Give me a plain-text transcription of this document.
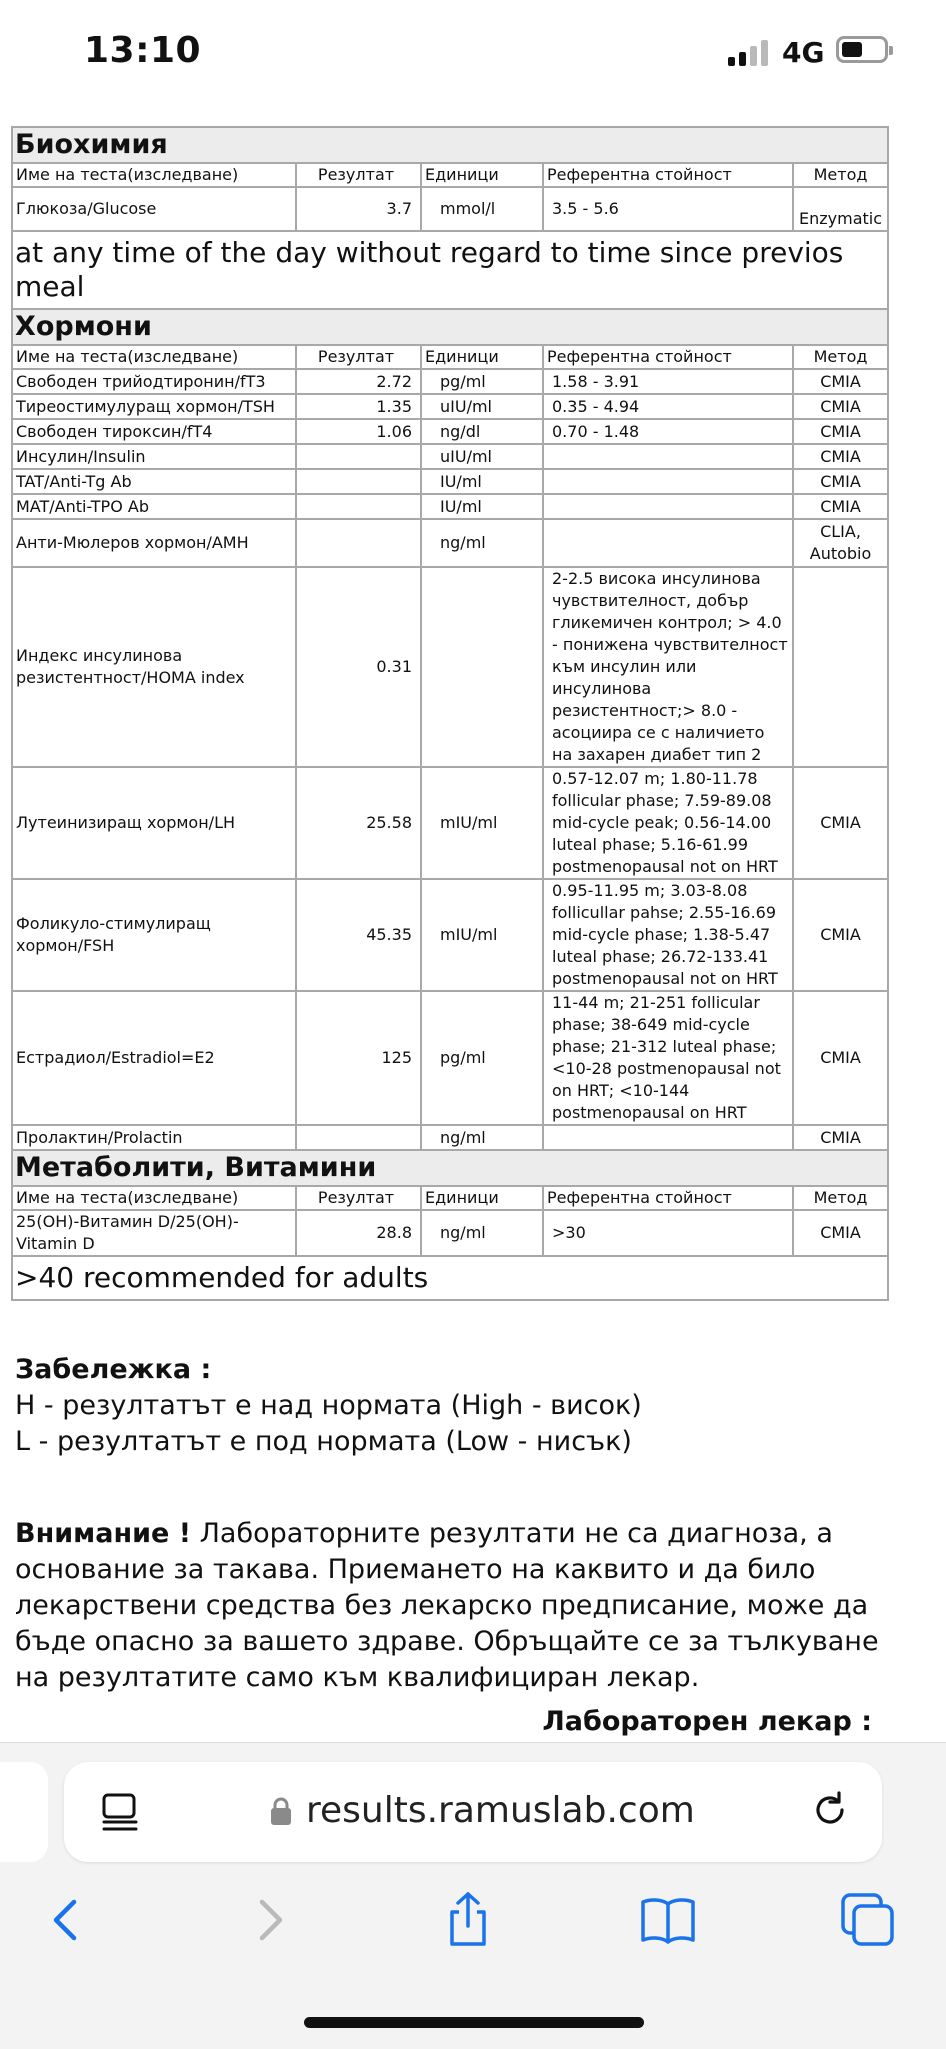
13:10	4G
Биохимия				
Име на теста(изследване)	Резултат	Единици	Референтна стойност	Метод
Глюкоза/Glucose	3.7	mmol/l	3.5 - 5.6	Enzymatic
at any time of the day without regard to time since previos meal				
Хормони				
Име на теста(изследване)	Резултат	Единици	Референтна стойност	Метод
Свободен трийодтиронин/fT3	2.72	pg/ml	1.58 - 3.91	CMIA
Тиреостимулуращ хормон/TSH	1.35	uIU/ml	0.35 - 4.94	CMIA
Свободен тироксин/fT4	1.06	ng/dl	0.70 - 1.48	CMIA
Инсулин/Insulin		uIU/ml		CMIA
TAT/Anti-Tg Ab		IU/ml		CMIA
MAT/Anti-TPO Ab		IU/ml		CMIA
Анти-Мюлеров хормон/AMH		ng/ml		CLIA, Autobio
Индекс инсулинова резистентност/HOMA index	0.31		2-2.5 висока инсулинова чувствителност, добър гликемичен контрол; > 4.0 - понижена чувствителност към инсулин или инсулинова резистентност;> 8.0 - асоциира се с наличието на захарен диабет тип 2	
Лутеинизиращ хормон/LH	25.58	mIU/ml	0.57-12.07 m; 1.80-11.78 follicular phase; 7.59-89.08 mid-cycle peak; 0.56-14.00 luteal phase; 5.16-61.99 postmenopausal not on HRT	CMIA
Фоликуло-стимулиращ хормон/FSH	45.35	mIU/ml	0.95-11.95 m; 3.03-8.08 follicullar pahse; 2.55-16.69 mid-cycle phase; 1.38-5.47 luteal phase; 26.72-133.41 postmenopausal not on HRT	CMIA
Естрадиол/Estradiol=E2	125	pg/ml	11-44 m; 21-251 follicular phase; 38-649 mid-cycle phase; 21-312 luteal phase; <10-28 postmenopausal not on HRT; <10-144 postmenopausal on HRT	CMIA
Пролактин/Prolactin		ng/ml		CMIA
Метаболити, Витамини				
Име на теста(изследване)	Резултат	Единици	Референтна стойност	Метод
25(OH)-Витамин D/25(OH)-Vitamin D	28.8	ng/ml	>30	CMIA
>40 recommended for adults				
Забележка :
H - резултатът е над нормата (High - висок)
L - резултатът е под нормата (Low - нисък)
Внимание ! Лабораторните резултати не са диагноза, а основание за такава. Приемането на каквито и да било лекарствени средства без лекарско предписание, може да бъде опасно за вашето здраве. Обръщайте се за тълкуване на резултатите само към квалифициран лекар.
Лабораторен лекар :
results.ramuslab.com
